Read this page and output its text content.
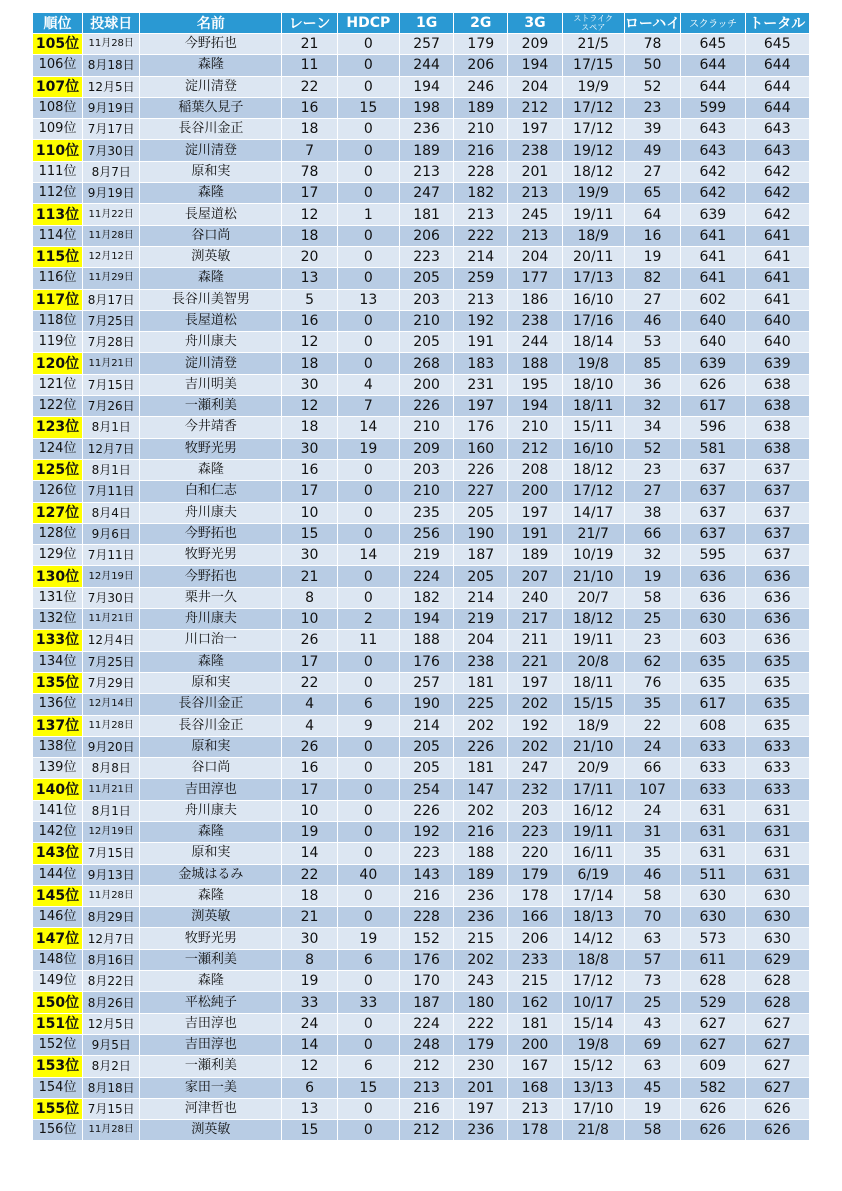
順位	投球日	名前	レーン	HDCP	1G	2G	3G	ストライク
スペア	ローハイ	スクラッチ	トータル
105位	11月28日	今野拓也	21	0	257	179	209	21/5	78	645	645
106位	8月18日	森隆	11	0	244	206	194	17/15	50	644	644
107位	12月5日	淀川清登	22	0	194	246	204	19/9	52	644	644
108位	9月19日	稲葉久見子	16	15	198	189	212	17/12	23	599	644
109位	7月17日	長谷川金正	18	0	236	210	197	17/12	39	643	643
110位	7月30日	淀川清登	7	0	189	216	238	19/12	49	643	643
111位	8月7日	原和実	78	0	213	228	201	18/12	27	642	642
112位	9月19日	森隆	17	0	247	182	213	19/9	65	642	642
113位	11月22日	長屋道松	12	1	181	213	245	19/11	64	639	642
114位	11月28日	谷口尚	18	0	206	222	213	18/9	16	641	641
115位	12月12日	渕英敏	20	0	223	214	204	20/11	19	641	641
116位	11月29日	森隆	13	0	205	259	177	17/13	82	641	641
117位	8月17日	長谷川美智男	5	13	203	213	186	16/10	27	602	641
118位	7月25日	長屋道松	16	0	210	192	238	17/16	46	640	640
119位	7月28日	舟川康夫	12	0	205	191	244	18/14	53	640	640
120位	11月21日	淀川清登	18	0	268	183	188	19/8	85	639	639
121位	7月15日	吉川明美	30	4	200	231	195	18/10	36	626	638
122位	7月26日	一瀬利美	12	7	226	197	194	18/11	32	617	638
123位	8月1日	今井靖香	18	14	210	176	210	15/11	34	596	638
124位	12月7日	牧野光男	30	19	209	160	212	16/10	52	581	638
125位	8月1日	森隆	16	0	203	226	208	18/12	23	637	637
126位	7月11日	白和仁志	17	0	210	227	200	17/12	27	637	637
127位	8月4日	舟川康夫	10	0	235	205	197	14/17	38	637	637
128位	9月6日	今野拓也	15	0	256	190	191	21/7	66	637	637
129位	7月11日	牧野光男	30	14	219	187	189	10/19	32	595	637
130位	12月19日	今野拓也	21	0	224	205	207	21/10	19	636	636
131位	7月30日	栗井一久	8	0	182	214	240	20/7	58	636	636
132位	11月21日	舟川康夫	10	2	194	219	217	18/12	25	630	636
133位	12月4日	川口治一	26	11	188	204	211	19/11	23	603	636
134位	7月25日	森隆	17	0	176	238	221	20/8	62	635	635
135位	7月29日	原和実	22	0	257	181	197	18/11	76	635	635
136位	12月14日	長谷川金正	4	6	190	225	202	15/15	35	617	635
137位	11月28日	長谷川金正	4	9	214	202	192	18/9	22	608	635
138位	9月20日	原和実	26	0	205	226	202	21/10	24	633	633
139位	8月8日	谷口尚	16	0	205	181	247	20/9	66	633	633
140位	11月21日	吉田淳也	17	0	254	147	232	17/11	107	633	633
141位	8月1日	舟川康夫	10	0	226	202	203	16/12	24	631	631
142位	12月19日	森隆	19	0	192	216	223	19/11	31	631	631
143位	7月15日	原和実	14	0	223	188	220	16/11	35	631	631
144位	9月13日	金城はるみ	22	40	143	189	179	6/19	46	511	631
145位	11月28日	森隆	18	0	216	236	178	17/14	58	630	630
146位	8月29日	渕英敏	21	0	228	236	166	18/13	70	630	630
147位	12月7日	牧野光男	30	19	152	215	206	14/12	63	573	630
148位	8月16日	一瀬利美	8	6	176	202	233	18/8	57	611	629
149位	8月22日	森隆	19	0	170	243	215	17/12	73	628	628
150位	8月26日	平松純子	33	33	187	180	162	10/17	25	529	628
151位	12月5日	吉田淳也	24	0	224	222	181	15/14	43	627	627
152位	9月5日	吉田淳也	14	0	248	179	200	19/8	69	627	627
153位	8月2日	一瀬利美	12	6	212	230	167	15/12	63	609	627
154位	8月18日	家田一美	6	15	213	201	168	13/13	45	582	627
155位	7月15日	河津哲也	13	0	216	197	213	17/10	19	626	626
156位	11月28日	渕英敏	15	0	212	236	178	21/8	58	626	626
